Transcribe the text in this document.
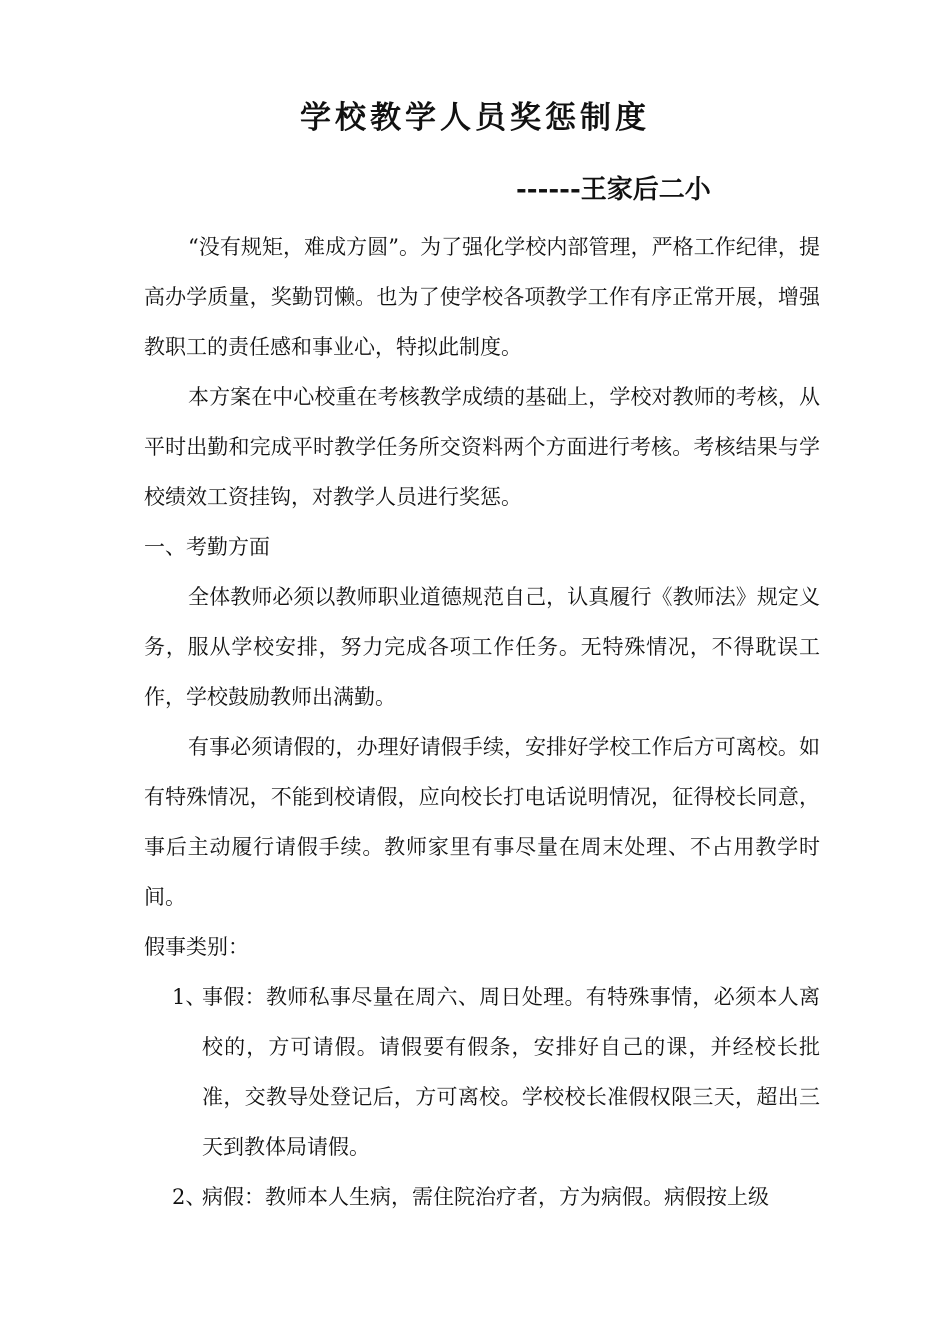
学校教学人员奖惩制度
------王家后二小

“没有规矩，难成方圆”。为了强化学校内部管理，严格工作纪律，提高办学质量，奖勤罚懒。也为了使学校各项教学工作有序正常开展，增强教职工的责任感和事业心，特拟此制度。

本方案在中心校重在考核教学成绩的基础上，学校对教师的考核，从平时出勤和完成平时教学任务所交资料两个方面进行考核。考核结果与学校绩效工资挂钩，对教学人员进行奖惩。

一、考勤方面

全体教师必须以教师职业道德规范自己，认真履行《教师法》规定义务，服从学校安排，努力完成各项工作任务。无特殊情况，不得耽误工作，学校鼓励教师出满勤。

有事必须请假的，办理好请假手续，安排好学校工作后方可离校。如有特殊情况，不能到校请假，应向校长打电话说明情况，征得校长同意，事后主动履行请假手续。教师家里有事尽量在周末处理、不占用教学时间。

假事类别：

1、
事假：教师私事尽量在周六、周日处理。有特殊事情，必须本人离校的，方可请假。请假要有假条，安排好自己的课，并经校长批准，交教导处登记后，方可离校。学校校长准假权限三天，超出三天到教体局请假。
2、
病假：教师本人生病，需住院治疗者，方为病假。病假按上级
